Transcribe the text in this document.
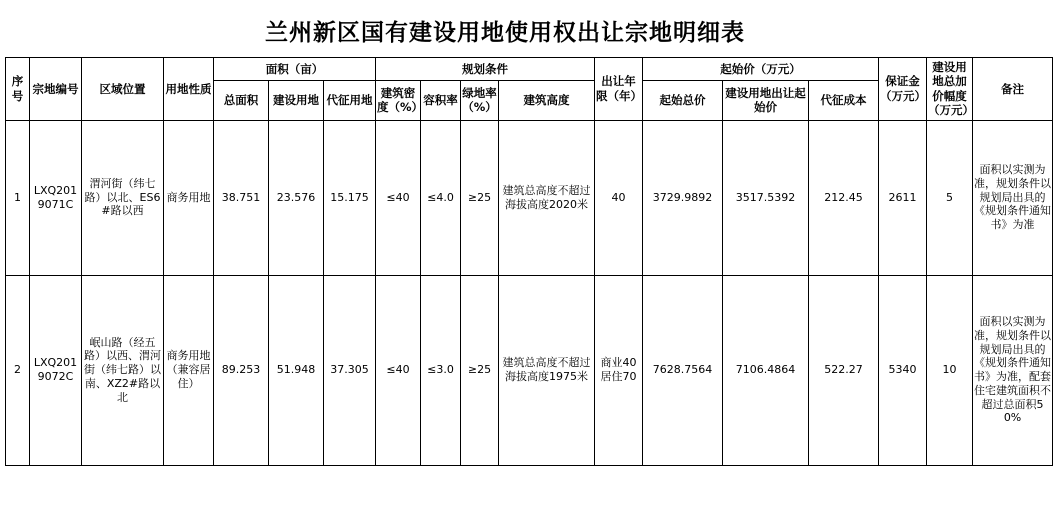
兰州新区国有建设用地使用权出让宗地明细表
序号	宗地编号	区域位置	用地性质	面积（亩）			规划条件				出让年限（年）	起始价（万元）			保证金（万元）	建设用地总加价幅度（万元）	备注
				总面积	建设用地	代征用地	建筑密度（%）	容积率	绿地率（%）	建筑高度		起始总价	建设用地出让起始价	代征成本			
1	LXQ2019071C	渭河街（纬七路）以北、ES6#路以西	商务用地	38.751	23.576	15.175	≤40	≤4.0	≥25	建筑总高度不超过海拔高度2020米	40	3729.9892	3517.5392	212.45	2611	5	面积以实测为准，规划条件以规划局出具的《规划条件通知书》为准
2	LXQ2019072C	岷山路（经五路）以西、渭河街（纬七路）以南、XZ2#路以北	商务用地（兼容居住）	89.253	51.948	37.305	≤40	≤3.0	≥25	建筑总高度不超过海拔高度1975米	商业40居住70	7628.7564	7106.4864	522.27	5340	10	面积以实测为准，规划条件以规划局出具的《规划条件通知书》为准，配套住宅建筑面积不超过总面积50%
